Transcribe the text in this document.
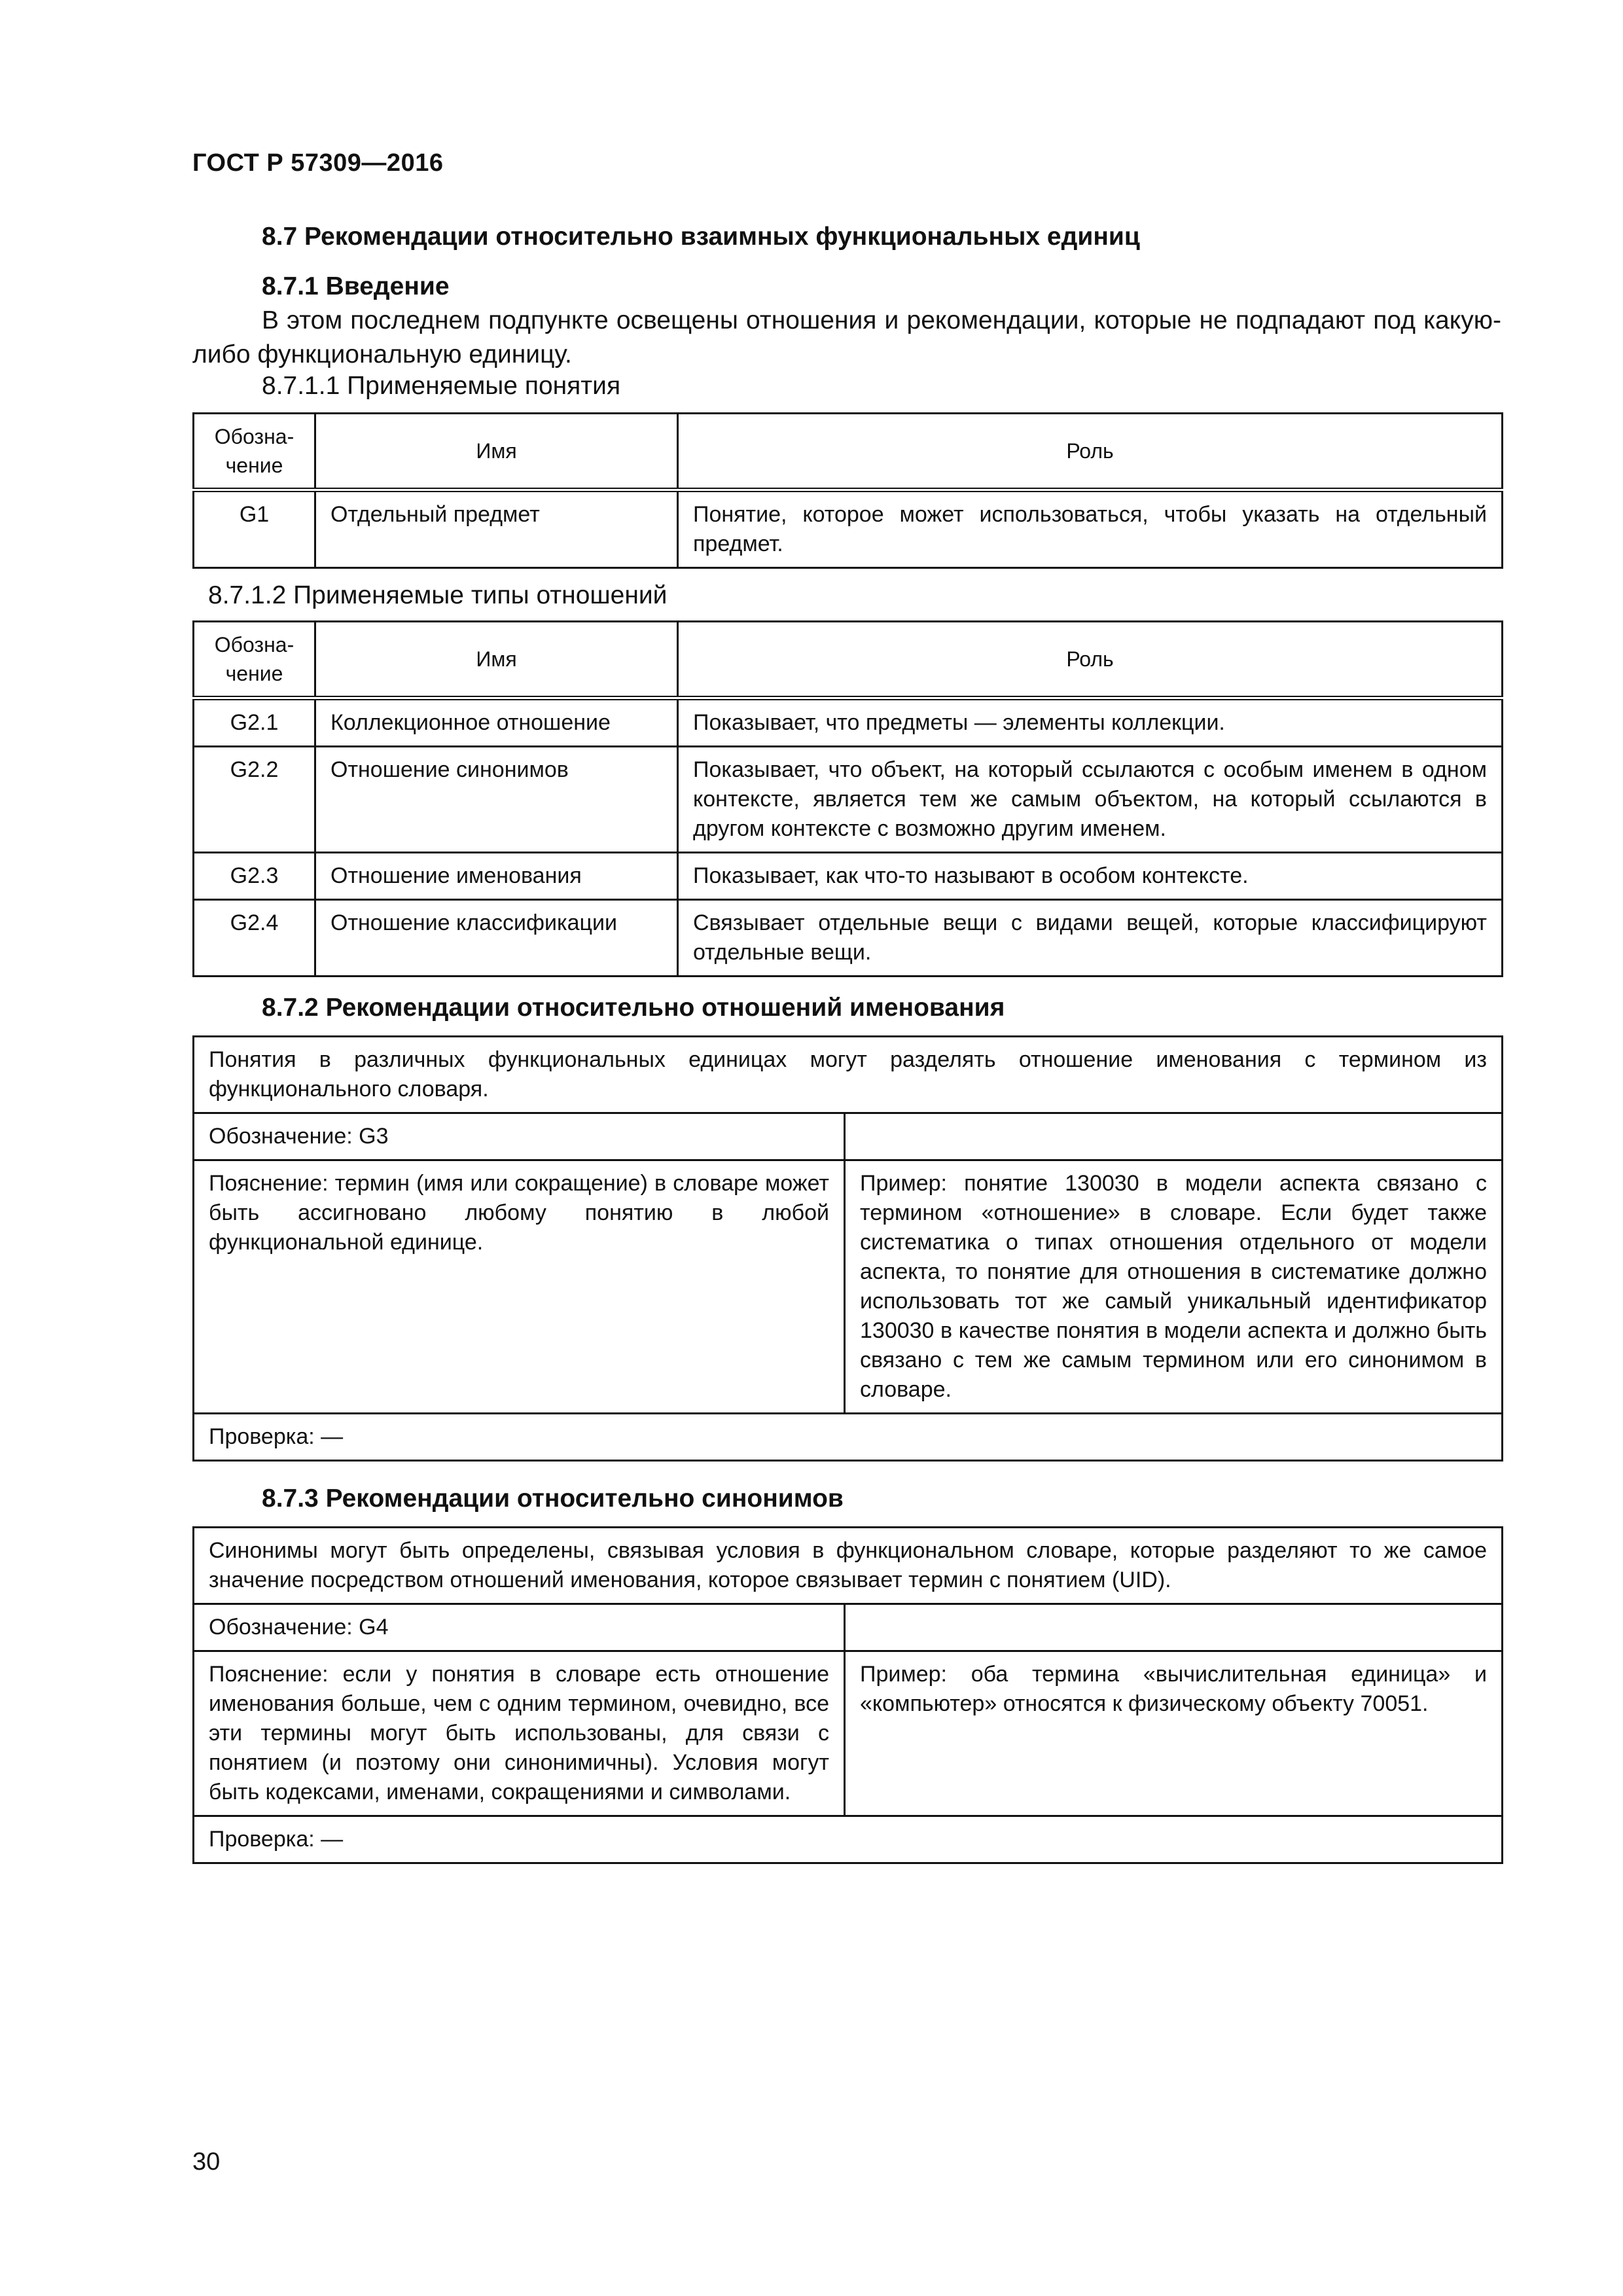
ГОСТ Р 57309—2016
8.7 Рекомендации относительно взаимных функциональных единиц
8.7.1 Введение
В этом последнем подпункте освещены отношения и рекомендации, которые не подпадают под какую-либо функциональную единицу.
8.7.1.1 Применяемые понятия
Обозна-
чение	Имя	Роль
G1	Отдельный предмет	Понятие, которое может использоваться, чтобы указать на отдельный предмет.
8.7.1.2 Применяемые типы отношений
Обозна-
чение	Имя	Роль
G2.1	Коллекционное отношение	Показывает, что предметы — элементы коллекции.
G2.2	Отношение синонимов	Показывает, что объект, на который ссылаются с особым именем в одном контексте, является тем же самым объектом, на который ссылаются в другом контексте с возможно другим именем.
G2.3	Отношение именования	Показывает, как что-то называют в особом контексте.
G2.4	Отношение классификации	Связывает отдельные вещи с видами вещей, которые классифицируют отдельные вещи.
8.7.2 Рекомендации относительно отношений именования
Понятия в различных функциональных единицах могут разделять отношение именования с термином из функционального словаря.	
Обозначение: G3	
Пояснение: термин (имя или сокращение) в словаре может быть ассигновано любому понятию в любой функциональной единице.	Пример: понятие 130030 в модели аспекта связано с термином «отношение» в словаре. Если будет также систематика о типах отношения отдельного от модели аспекта, то понятие для отношения в систематике должно использовать тот же самый уникальный идентификатор 130030 в качестве понятия в модели аспекта и должно быть связано с тем же самым термином или его синонимом в словаре.
Проверка: —	
8.7.3 Рекомендации относительно синонимов
Синонимы могут быть определены, связывая условия в функциональном словаре, которые разделяют то же самое значение посредством отношений именования, которое связывает термин с понятием (UID).	
Обозначение: G4	
Пояснение: если у понятия в словаре есть отношение именования больше, чем с одним термином, очевидно, все эти термины могут быть использованы, для связи с понятием (и поэтому они синонимичны). Условия могут быть кодексами, именами, сокращениями и символами.	Пример: оба термина «вычислительная единица» и «компьютер» относятся к физическому объекту 70051.
Проверка: —	
30
